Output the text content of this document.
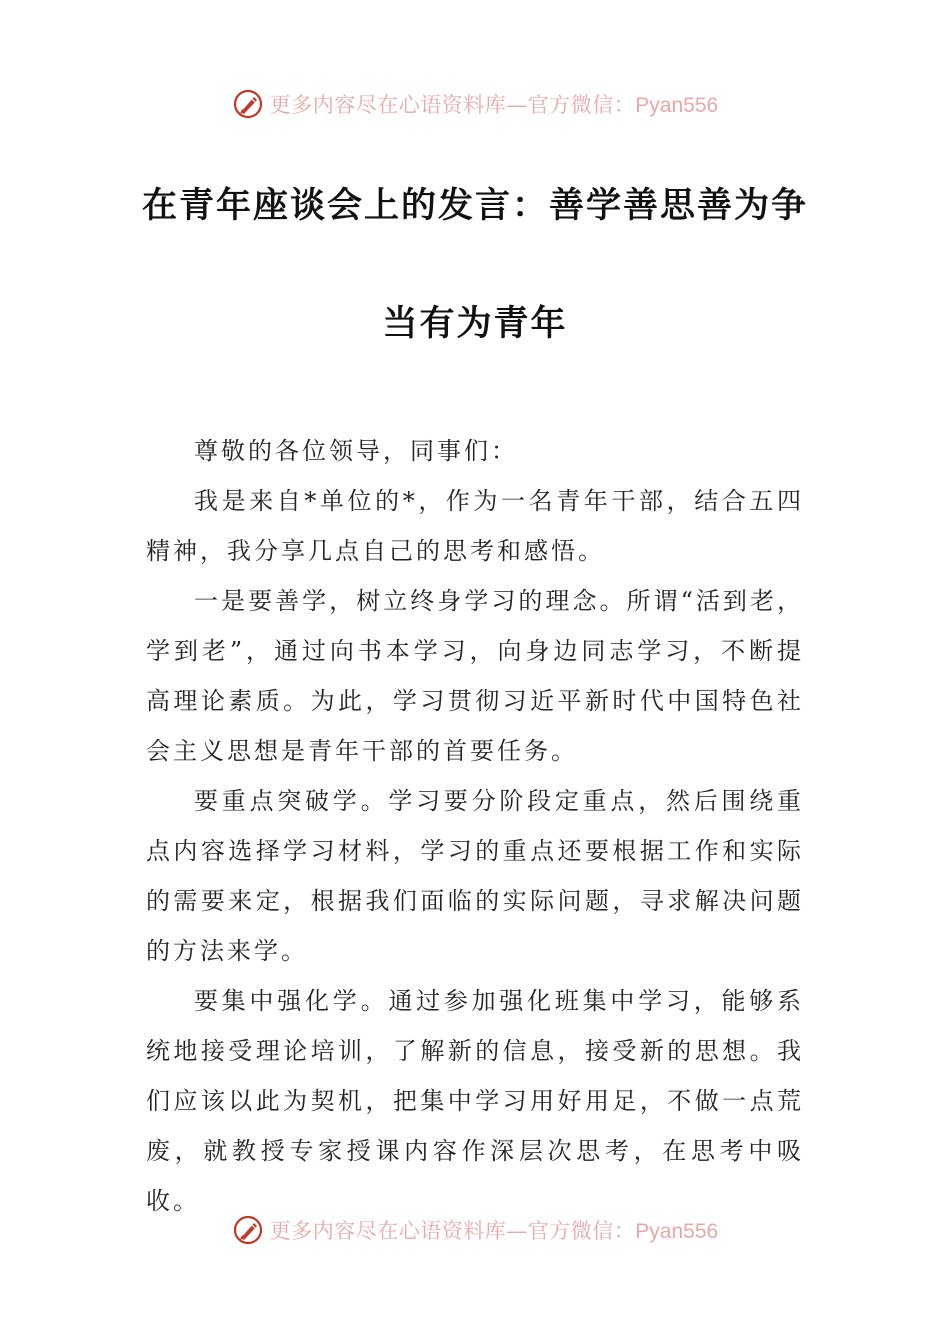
更多内容尽在心语资料库—官方微信：Pyan556
在青年座谈会上的发言：善学善思善为争
当有为青年

尊敬的各位领导，同事们：

我是来自*单位的*，作为一名青年干部，结合五四精神，我分享几点自己的思考和感悟。

一是要善学，树立终身学习的理念。所谓“活到老，学到老”，通过向书本学习，向身边同志学习，不断提高理论素质。为此，学习贯彻习近平新时代中国特色社会主义思想是青年干部的首要任务。

要重点突破学。学习要分阶段定重点，然后围绕重点内容选择学习材料，学习的重点还要根据工作和实际的需要来定，根据我们面临的实际问题，寻求解决问题的方法来学。

要集中强化学。通过参加强化班集中学习，能够系统地接受理论培训，了解新的信息，接受新的思想。我们应该以此为契机，把集中学习用好用足，不做一点荒废，就教授专家授课内容作深层次思考，在思考中吸收。

更多内容尽在心语资料库—官方微信：Pyan556
